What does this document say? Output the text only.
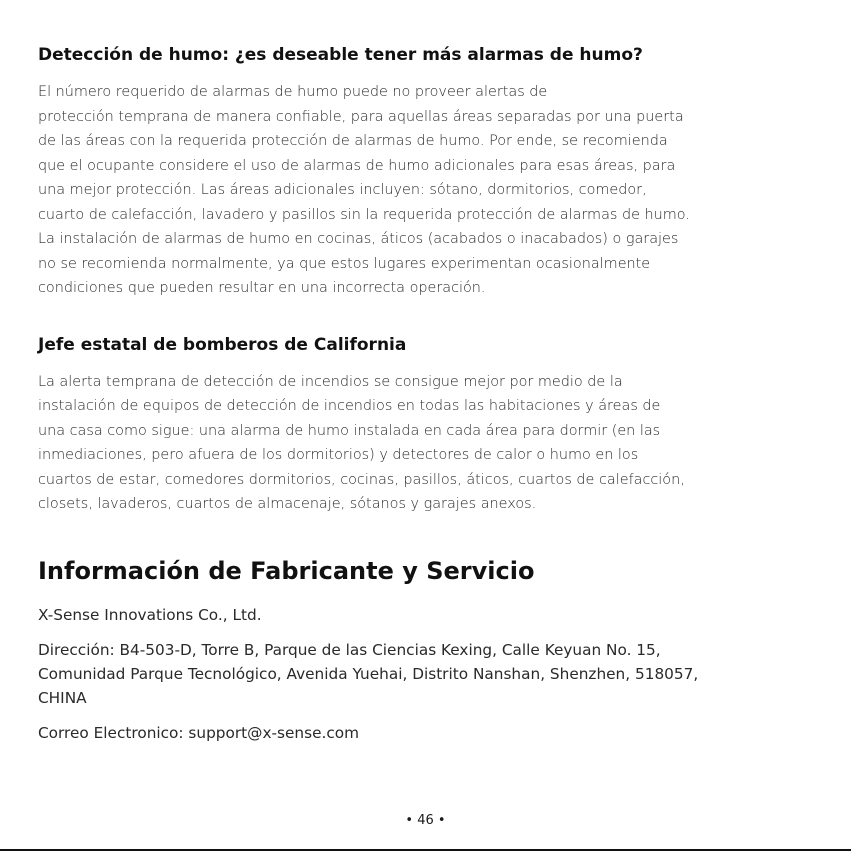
Detección de humo: ¿es deseable tener más alarmas de humo?

El número requerido de alarmas de humo puede no proveer alertas de
protección temprana de manera confiable, para aquellas áreas separadas por una puerta
de las áreas con la requerida protección de alarmas de humo. Por ende, se recomienda
que el ocupante considere el uso de alarmas de humo adicionales para esas áreas, para
una mejor protección. Las áreas adicionales incluyen: sótano, dormitorios, comedor,
cuarto de calefacción, lavadero y pasillos sin la requerida protección de alarmas de humo.
La instalación de alarmas de humo en cocinas, áticos (acabados o inacabados) o garajes
no se recomienda normalmente, ya que estos lugares experimentan ocasionalmente
condiciones que pueden resultar en una incorrecta operación.

Jefe estatal de bomberos de California

La alerta temprana de detección de incendios se consigue mejor por medio de la
instalación de equipos de detección de incendios en todas las habitaciones y áreas de
una casa como sigue: una alarma de humo instalada en cada área para dormir (en las
inmediaciones, pero afuera de los dormitorios) y detectores de calor o humo en los
cuartos de estar, comedores dormitorios, cocinas, pasillos, áticos, cuartos de calefacción,
closets, lavaderos, cuartos de almacenaje, sótanos y garajes anexos.

Información de Fabricante y Servicio

X-Sense Innovations Co., Ltd.

Dirección: B4-503-D, Torre B, Parque de las Ciencias Kexing, Calle Keyuan No. 15,
Comunidad Parque Tecnológico, Avenida Yuehai, Distrito Nanshan, Shenzhen, 518057,
CHINA

Correo Electronico: support@x-sense.com

• 46 •
